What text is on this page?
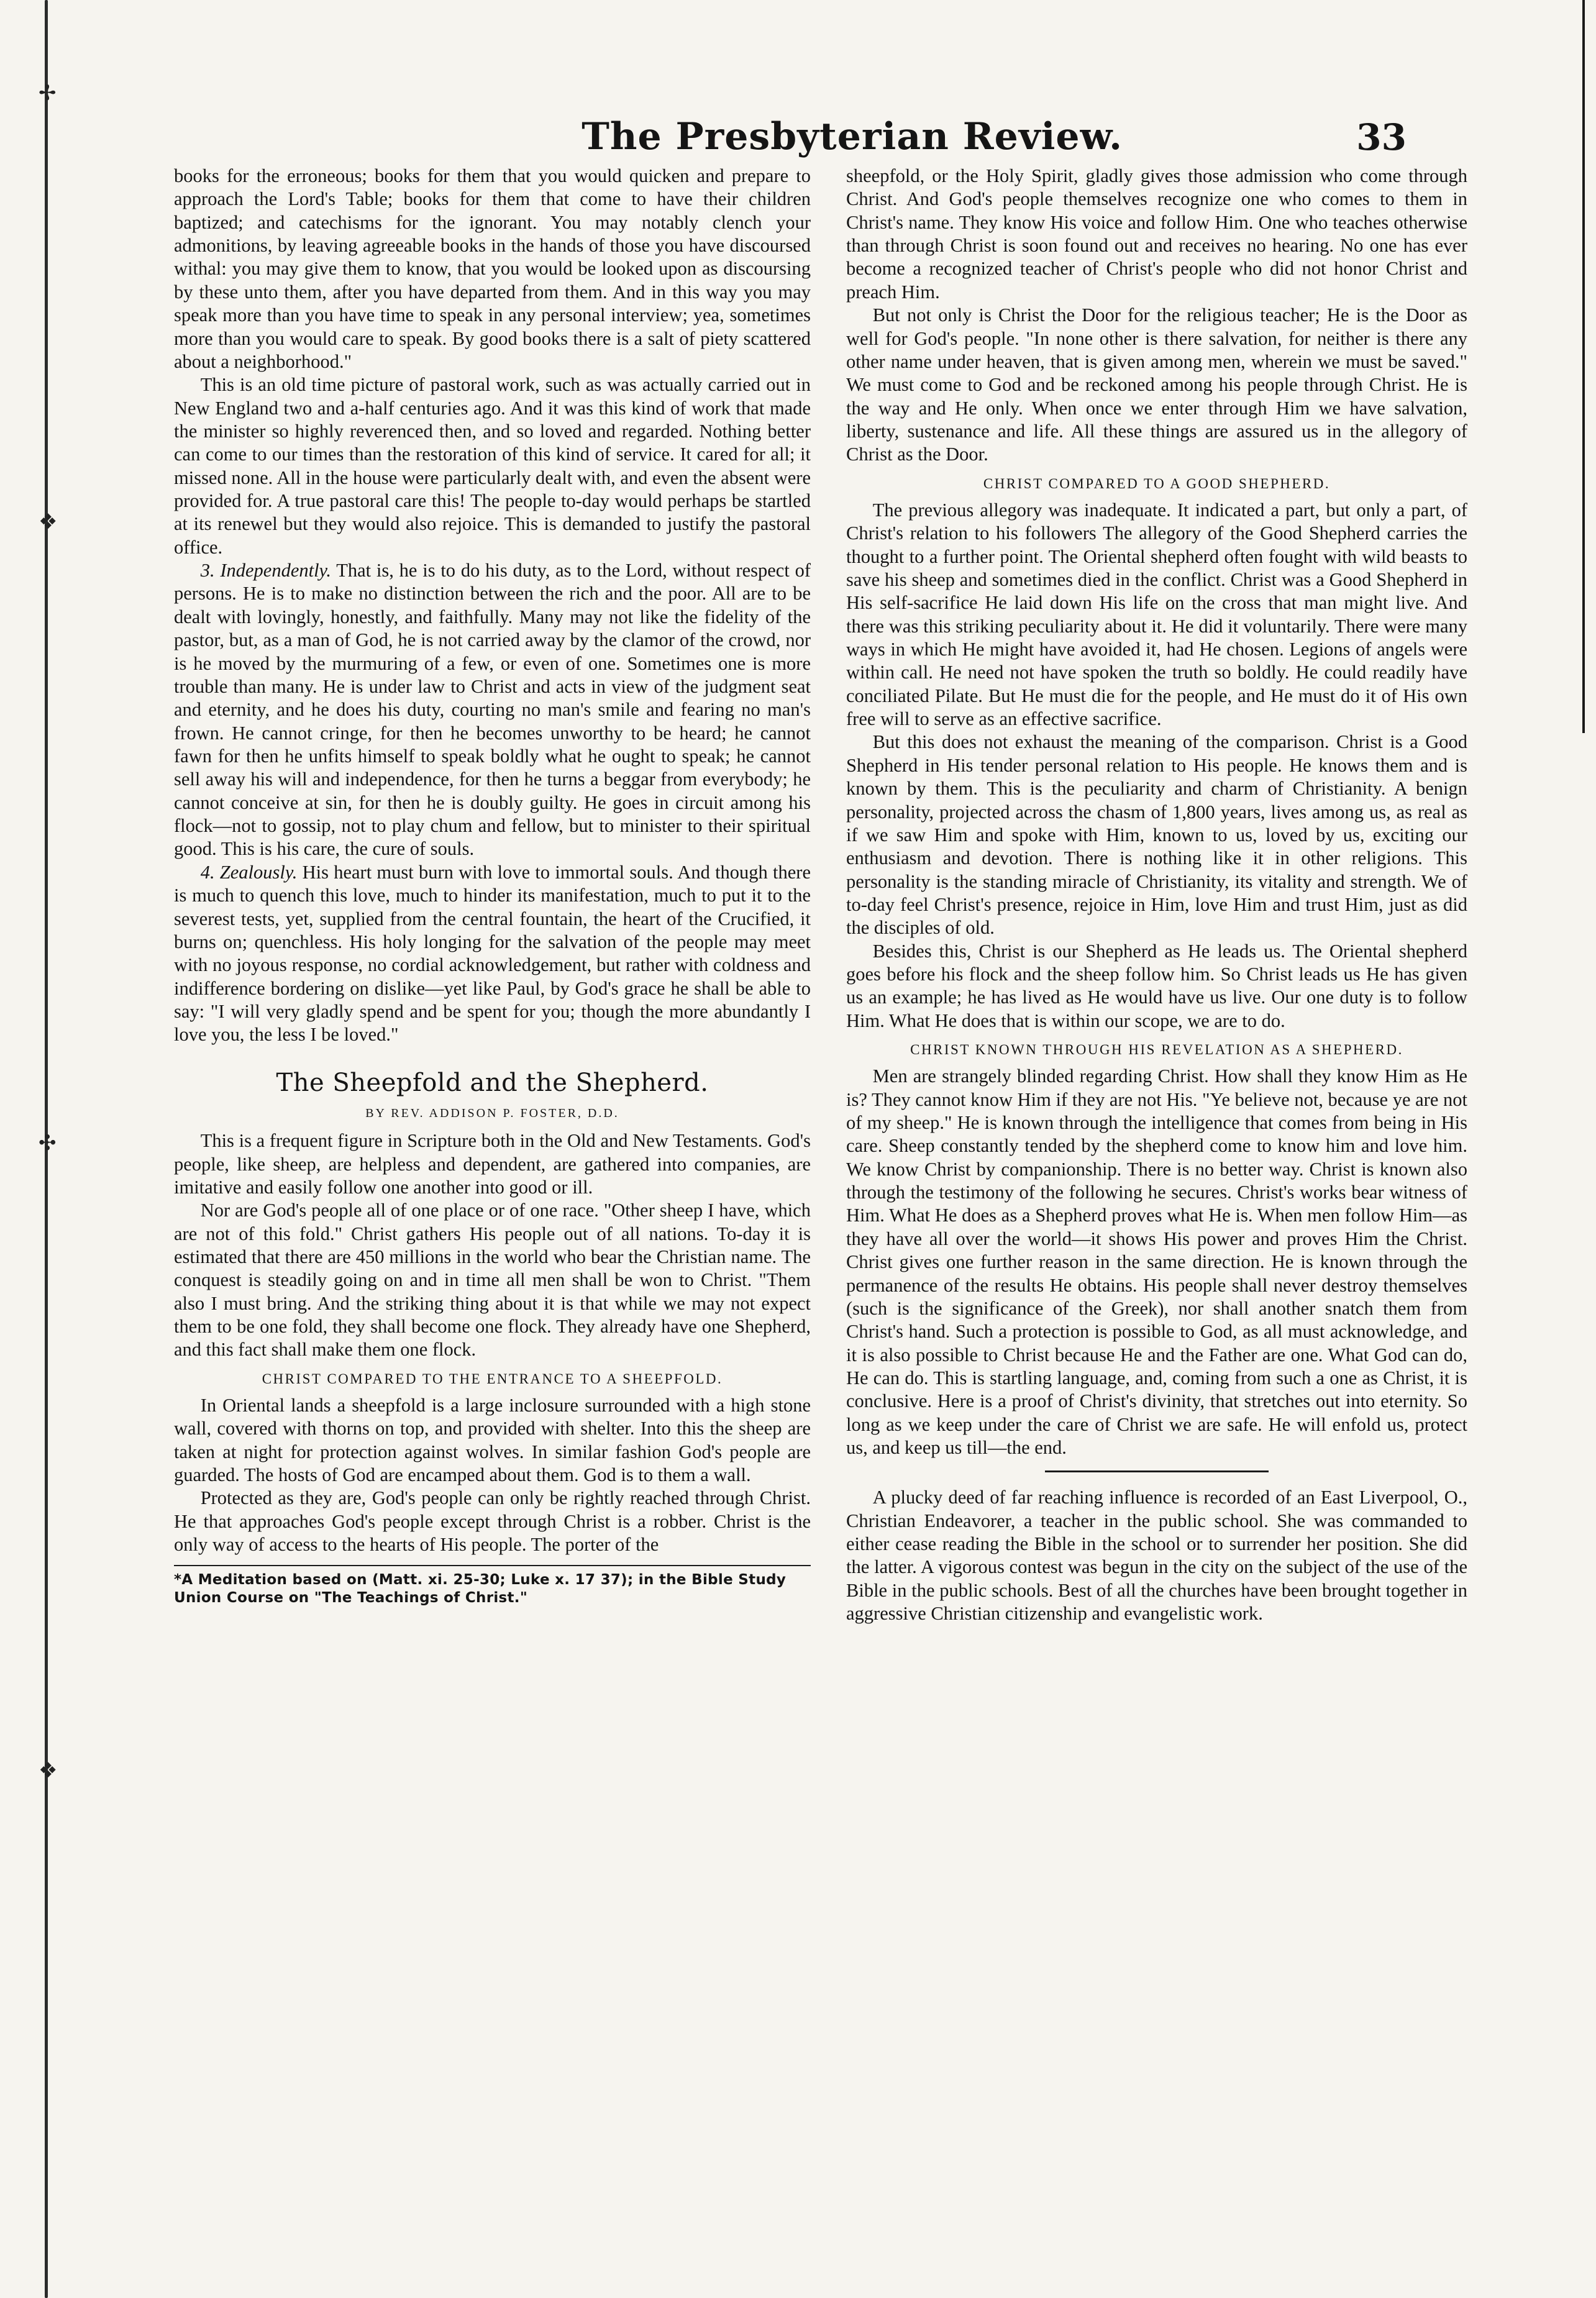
✢
❖
✣
❖
The Presbyterian Review.	33

books for the erroneous; books for them that you would quicken and prepare to approach the Lord's Table; books for them that come to have their children baptized; and catechisms for the ignorant. You may notably clench your admonitions, by leaving agreeable books in the hands of those you have discoursed withal: you may give them to know, that you would be looked upon as discoursing by these unto them, after you have departed from them. And in this way you may speak more than you have time to speak in any personal interview; yea, sometimes more than you would care to speak. By good books there is a salt of piety scattered about a neighborhood."

This is an old time picture of pastoral work, such as was actually carried out in New England two and a-half centuries ago. And it was this kind of work that made the minister so highly reverenced then, and so loved and regarded. Nothing better can come to our times than the restoration of this kind of service. It cared for all; it missed none. All in the house were particularly dealt with, and even the absent were provided for. A true pastoral care this! The people to-day would perhaps be startled at its renewel but they would also rejoice. This is demanded to justify the pastoral office.

3. Independently. That is, he is to do his duty, as to the Lord, without respect of persons. He is to make no distinction between the rich and the poor. All are to be dealt with lovingly, honestly, and faithfully. Many may not like the fidelity of the pastor, but, as a man of God, he is not carried away by the clamor of the crowd, nor is he moved by the murmuring of a few, or even of one. Sometimes one is more trouble than many. He is under law to Christ and acts in view of the judgment seat and eternity, and he does his duty, courting no man's smile and fearing no man's frown. He cannot cringe, for then he becomes unworthy to be heard; he cannot fawn for then he unfits himself to speak boldly what he ought to speak; he cannot sell away his will and independence, for then he turns a beggar from everybody; he cannot conceive at sin, for then he is doubly guilty. He goes in circuit among his flock—not to gossip, not to play chum and fellow, but to minister to their spiritual good. This is his care, the cure of souls.

4. Zealously. His heart must burn with love to immortal souls. And though there is much to quench this love, much to hinder its manifestation, much to put it to the severest tests, yet, supplied from the central fountain, the heart of the Crucified, it burns on; quenchless. His holy longing for the salvation of the people may meet with no joyous response, no cordial acknowledgement, but rather with coldness and indifference bordering on dislike—yet like Paul, by God's grace he shall be able to say: "I will very gladly spend and be spent for you; though the more abundantly I love you, the less I be loved."

The Sheepfold and the Shepherd.
BY REV. ADDISON P. FOSTER, D.D.

This is a frequent figure in Scripture both in the Old and New Testaments. God's people, like sheep, are helpless and dependent, are gathered into companies, are imitative and easily follow one another into good or ill.

Nor are God's people all of one place or of one race. "Other sheep I have, which are not of this fold." Christ gathers His people out of all nations. To-day it is estimated that there are 450 millions in the world who bear the Christian name. The conquest is steadily going on and in time all men shall be won to Christ. "Them also I must bring. And the striking thing about it is that while we may not expect them to be one fold, they shall become one flock. They already have one Shepherd, and this fact shall make them one flock.

CHRIST COMPARED TO THE ENTRANCE TO A SHEEPFOLD.

In Oriental lands a sheepfold is a large inclosure surrounded with a high stone wall, covered with thorns on top, and provided with shelter. Into this the sheep are taken at night for protection against wolves. In similar fashion God's people are guarded. The hosts of God are encamped about them. God is to them a wall.

Protected as they are, God's people can only be rightly reached through Christ. He that approaches God's people except through Christ is a robber. Christ is the only way of access to the hearts of His people. The porter of the

*A Meditation based on (Matt. xi. 25-30; Luke x. 17 37); in the Bible Study Union Course on "The Teachings of Christ."

sheepfold, or the Holy Spirit, gladly gives those admission who come through Christ. And God's people themselves recognize one who comes to them in Christ's name. They know His voice and follow Him. One who teaches otherwise than through Christ is soon found out and receives no hearing. No one has ever become a recognized teacher of Christ's people who did not honor Christ and preach Him.

But not only is Christ the Door for the religious teacher; He is the Door as well for God's people. "In none other is there salvation, for neither is there any other name under heaven, that is given among men, wherein we must be saved." We must come to God and be reckoned among his people through Christ. He is the way and He only. When once we enter through Him we have salvation, liberty, sustenance and life. All these things are assured us in the allegory of Christ as the Door.

CHRIST COMPARED TO A GOOD SHEPHERD.

The previous allegory was inadequate. It indicated a part, but only a part, of Christ's relation to his followers The allegory of the Good Shepherd carries the thought to a further point. The Oriental shepherd often fought with wild beasts to save his sheep and sometimes died in the conflict. Christ was a Good Shepherd in His self-sacrifice He laid down His life on the cross that man might live. And there was this striking peculiarity about it. He did it voluntarily. There were many ways in which He might have avoided it, had He chosen. Legions of angels were within call. He need not have spoken the truth so boldly. He could readily have conciliated Pilate. But He must die for the people, and He must do it of His own free will to serve as an effective sacrifice.

But this does not exhaust the meaning of the comparison. Christ is a Good Shepherd in His tender personal relation to His people. He knows them and is known by them. This is the peculiarity and charm of Christianity. A benign personality, projected across the chasm of 1,800 years, lives among us, as real as if we saw Him and spoke with Him, known to us, loved by us, exciting our enthusiasm and devotion. There is nothing like it in other religions. This personality is the standing miracle of Christianity, its vitality and strength. We of to-day feel Christ's presence, rejoice in Him, love Him and trust Him, just as did the disciples of old.

Besides this, Christ is our Shepherd as He leads us. The Oriental shepherd goes before his flock and the sheep follow him. So Christ leads us He has given us an example; he has lived as He would have us live. Our one duty is to follow Him. What He does that is within our scope, we are to do.

CHRIST KNOWN THROUGH HIS REVELATION AS A SHEPHERD.

Men are strangely blinded regarding Christ. How shall they know Him as He is? They cannot know Him if they are not His. "Ye believe not, because ye are not of my sheep." He is known through the intelligence that comes from being in His care. Sheep constantly tended by the shepherd come to know him and love him. We know Christ by companionship. There is no better way. Christ is known also through the testimony of the following he secures. Christ's works bear witness of Him. What He does as a Shepherd proves what He is. When men follow Him—as they have all over the world—it shows His power and proves Him the Christ. Christ gives one further reason in the same direction. He is known through the permanence of the results He obtains. His people shall never destroy themselves (such is the significance of the Greek), nor shall another snatch them from Christ's hand. Such a protection is possible to God, as all must acknowledge, and it is also possible to Christ because He and the Father are one. What God can do, He can do. This is startling language, and, coming from such a one as Christ, it is conclusive. Here is a proof of Christ's divinity, that stretches out into eternity. So long as we keep under the care of Christ we are safe. He will enfold us, protect us, and keep us till—the end.

A plucky deed of far reaching influence is recorded of an East Liverpool, O., Christian Endeavorer, a teacher in the public school. She was commanded to either cease reading the Bible in the school or to surrender her position. She did the latter. A vigorous contest was begun in the city on the subject of the use of the Bible in the public schools. Best of all the churches have been brought together in aggressive Christian citizenship and evangelistic work.
